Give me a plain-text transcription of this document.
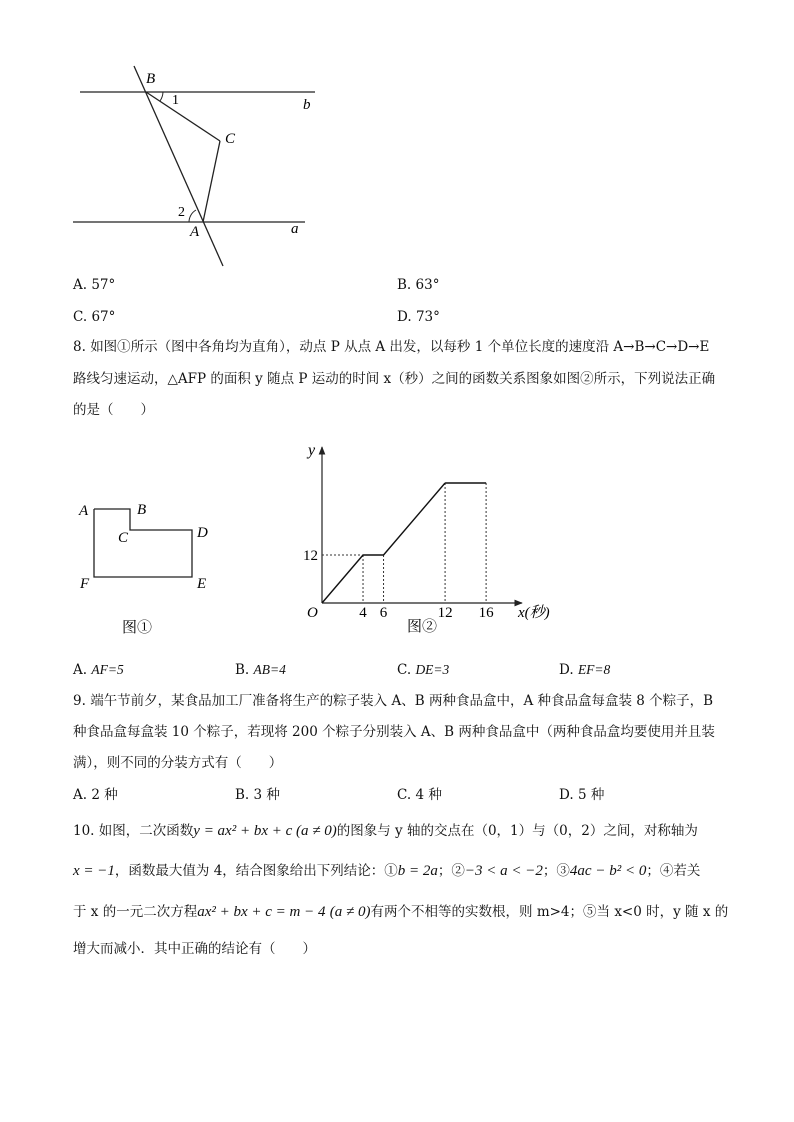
B
1	b
C
2
A	a
A. 57°	B. 63°
C. 67°	D. 73°
8. 如图①所示（图中各角均为直角），动点 P 从点 A 出发，以每秒 1 个单位长度的速度沿 A→B→C→D→E
路线匀速运动，△AFP 的面积 y 随点 P 运动的时间 x（秒）之间的函数关系图象如图②所示，下列说法正确
的是（　　）
A	B
C	D
E
F
图①
y
x(秒)
O	4 6	12 16
12
图②
A. AF=5	B. AB=4	C. DE=3	D. EF=8
9. 端午节前夕，某食品加工厂准备将生产的粽子装入 A、B 两种食品盒中，A 种食品盒每盒装 8 个粽子，B
种食品盒每盒装 10 个粽子，若现将 200 个粽子分别装入 A、B 两种食品盒中（两种食品盒均要使用并且装
满），则不同的分装方式有（　　）
A. 2 种	B. 3 种	C. 4 种	D. 5 种
10. 如图，二次函数y = ax² + bx + c (a ≠ 0)的图象与 y 轴的交点在（0，1）与（0，2）之间，对称轴为
x = −1，函数最大值为 4，结合图象给出下列结论：①b = 2a；②−3 < a < −2；③4ac − b² < 0；④若关
于 x 的一元二次方程ax² + bx + c = m − 4 (a ≠ 0)有两个不相等的实数根，则 m>4；⑤当 x<0 时，y 随 x 的
增大而减小．其中正确的结论有（　　）
